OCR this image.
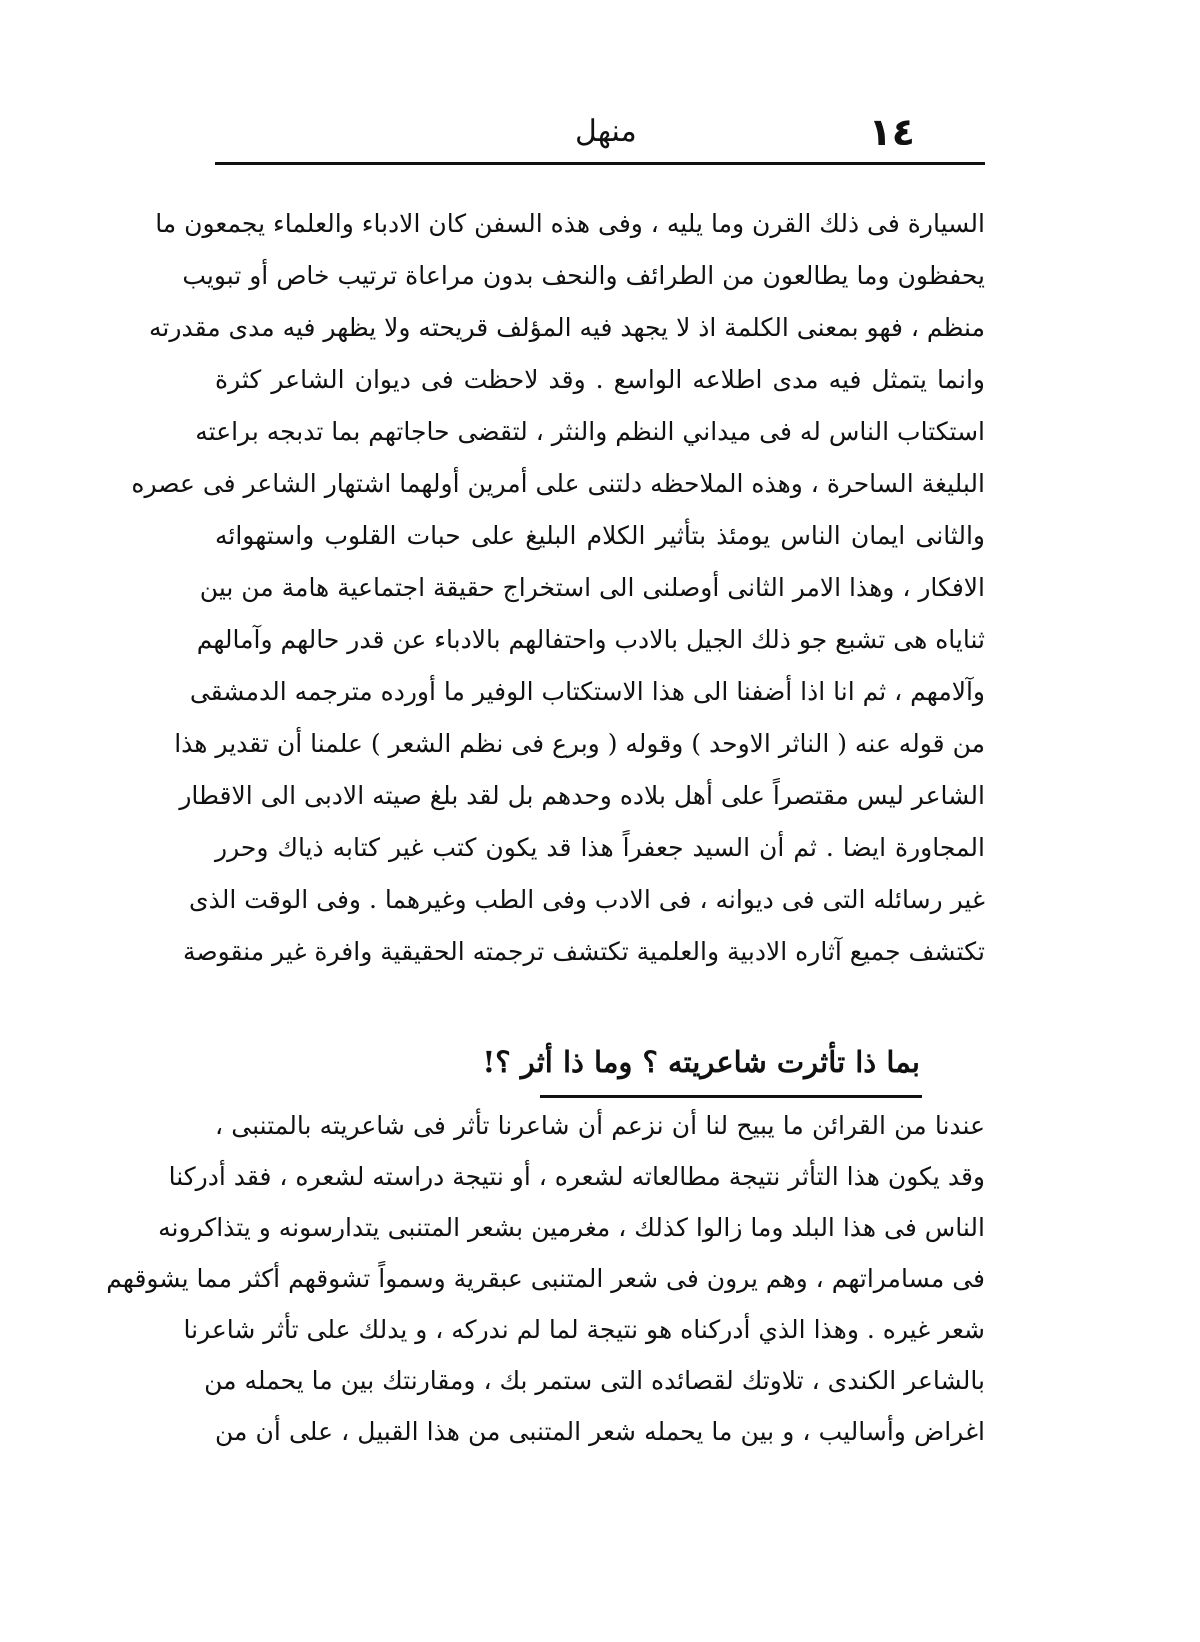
١٤
منهل
السيارة فى ذلك القرن وما يليه ، وفى هذه السفن كان الادباء والعلماء يجمعون ما
يحفظون وما يطالعون من الطرائف والنحف بدون مراعاة ترتيب خاص أو تبويب
منظم ، فهو بمعنى الكلمة اذ لا يجهد فيه المؤلف قريحته ولا يظهر فيه مدى مقدرته
وانما يتمثل فيه مدى اطلاعه الواسع . وقد لاحظت فى ديوان الشاعر كثرة
استكتاب الناس له فى ميداني النظم والنثر ، لتقضى حاجاتهم بما تدبجه براعته
البليغة الساحرة ، وهذه الملاحظه دلتنى على أمرين أولهما اشتهار الشاعر فى عصره
والثانى ايمان الناس يومئذ بتأثير الكلام البليغ على حبات القلوب واستهوائه
الافكار ، وهذا الامر الثانى أوصلنى الى استخراج حقيقة اجتماعية هامة من بين
ثناياه هى تشبع جو ذلك الجيل بالادب واحتفالهم بالادباء عن قدر حالهم وآمالهم
وآلامهم ، ثم انا اذا أضفنا الى هذا الاستكتاب الوفير ما أورده مترجمه الدمشقى
من قوله عنه ( الناثر الاوحد ) وقوله ( وبرع فى نظم الشعر ) علمنا أن تقدير هذا
الشاعر ليس مقتصراً على أهل بلاده وحدهم بل لقد بلغ صيته الادبى الى الاقطار
المجاورة ايضا . ثم أن السيد جعفراً هذا قد يكون كتب غير كتابه ذياك وحرر
غير رسائله التى فى ديوانه ، فى الادب وفى الطب وغيرهما . وفى الوقت الذى
تكتشف جميع آثاره الادبية والعلمية تكتشف ترجمته الحقيقية وافرة غير منقوصة
بما ذا تأثرت شاعريته ؟ وما ذا أثر ؟!
عندنا من القرائن ما يبيح لنا أن نزعم أن شاعرنا تأثر فى شاعريته بالمتنبى ،
وقد يكون هذا التأثر نتيجة مطالعاته لشعره ، أو نتيجة دراسته لشعره ، فقد أدركنا
الناس فى هذا البلد وما زالوا كذلك ، مغرمين بشعر المتنبى يتدارسونه و يتذاكرونه
فى مسامراتهم ، وهم يرون فى شعر المتنبى عبقرية وسمواً تشوقهم أكثر مما يشوقهم
شعر غيره . وهذا الذي أدركناه هو نتيجة لما لم ندركه ، و يدلك على تأثر شاعرنا
بالشاعر الكندى ، تلاوتك لقصائده التى ستمر بك ، ومقارنتك بين ما يحمله من
اغراض وأساليب ، و بين ما يحمله شعر المتنبى من هذا القبيل ، على أن من
